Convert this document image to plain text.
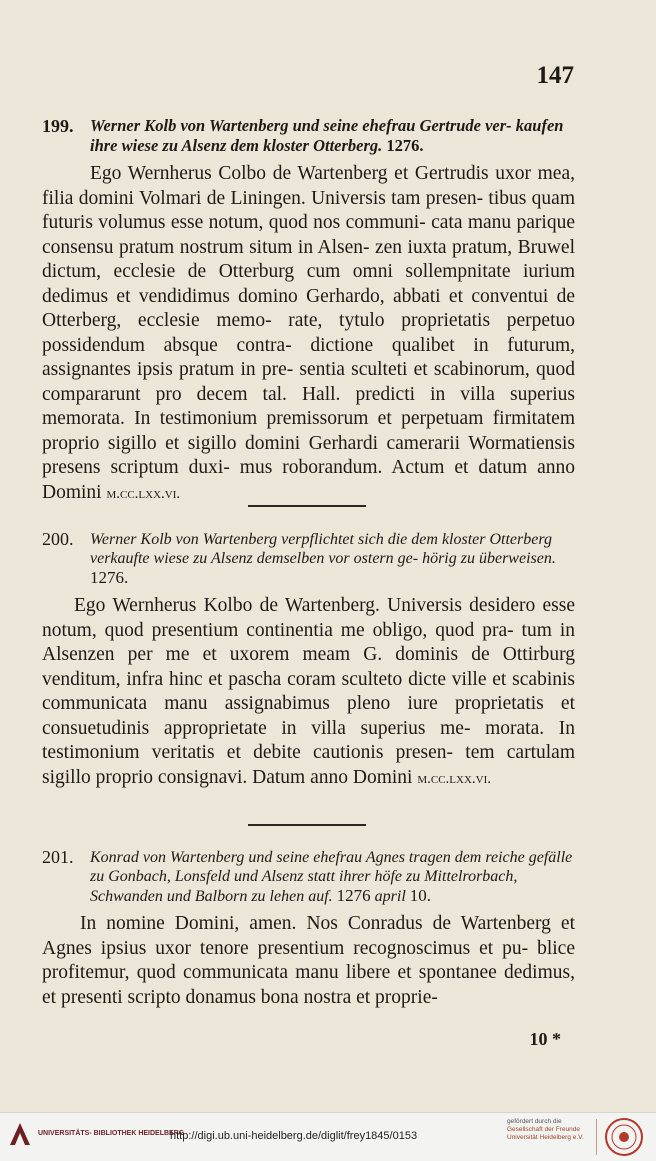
147
199. Werner Kolb von Wartenberg und seine ehefrau Gertrude ver- kaufen ihre wiese zu Alsenz dem kloster Otterberg. 1276.
Ego Wernherus Colbo de Wartenberg et Gertrudis uxor mea, filia domini Volmari de Liningen. Universis tam presen- tibus quam futuris volumus esse notum, quod nos communi- cata manu parique consensu pratum nostrum situm in Alsen- zen iuxta pratum, Bruwel dictum, ecclesie de Otterburg cum omni sollempnitate iurium dedimus et vendidimus domino Gerhardo, abbati et conventui de Otterberg, ecclesie memo- rate, tytulo proprietatis perpetuo possidendum absque contra- dictione qualibet in futurum, assignantes ipsis pratum in pre- sentia sculteti et scabinorum, quod compararunt pro decem tal. Hall. predicti in villa superius memorata. In testimonium premissorum et perpetuam firmitatem proprio sigillo et sigillo domini Gerhardi camerarii Wormatiensis presens scriptum duxi- mus roborandum. Actum et datum anno Domini m.cc.lxx.vi.
200. Werner Kolb von Wartenberg verpflichtet sich die dem kloster Otterberg verkaufte wiese zu Alsenz demselben vor ostern ge- hörig zu überweisen. 1276.
Ego Wernherus Kolbo de Wartenberg. Universis desidero esse notum, quod presentium continentia me obligo, quod pra- tum in Alsenzen per me et uxorem meam G. dominis de Ottirburg venditum, infra hinc et pascha coram sculteto dicte ville et scabinis communicata manu assignabimus pleno iure proprietatis et consuetudinis approprietate in villa superius me- morata. In testimonium veritatis et debite cautionis presen- tem cartulam sigillo proprio consignavi. Datum anno Domini m.cc.lxx.vi.
201. Konrad von Wartenberg und seine ehefrau Agnes tragen dem reiche gefälle zu Gonbach, Lonsfeld und Alsenz statt ihrer höfe zu Mittelrorbach, Schwanden und Balborn zu lehen auf. 1276 april 10.
In nomine Domini, amen. Nos Conradus de Wartenberg et Agnes ipsius uxor tenore presentium recognoscimus et pu- blice profitemur, quod communicata manu libere et spontanee dedimus, et presenti scripto donamus bona nostra et proprie-
10 *
UNIVERSITÄTS- BIBLIOTHEK HEIDELBERG
http://digi.ub.uni-heidelberg.de/diglit/frey1845/0153
gefördert durch die
Gesellschaft der Freunde
Universität Heidelberg e.V.
